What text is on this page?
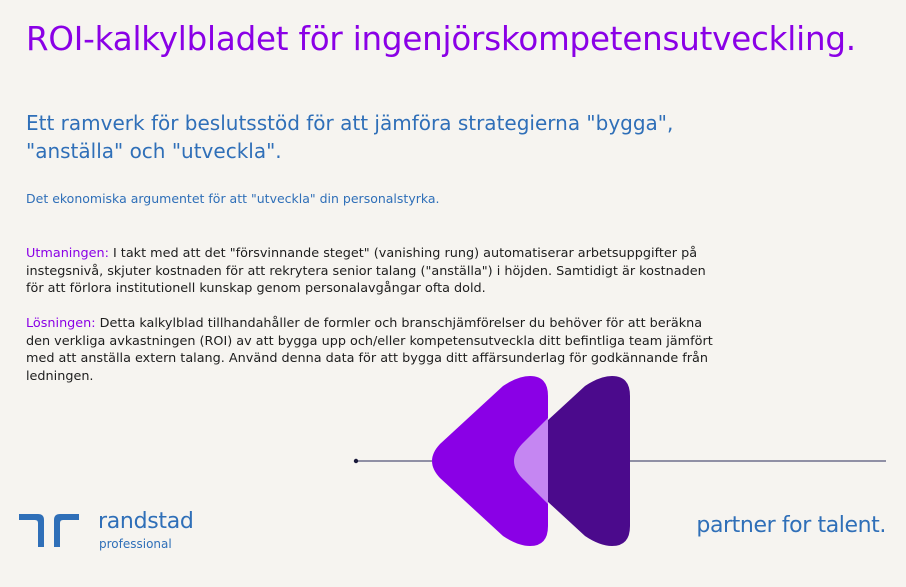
ROI-kalkylbladet för ingenjörskompetensutveckling.
Ett ramverk för beslutsstöd för att jämföra strategierna "bygga", "anställa" och "utveckla".

Det ekonomiska argumentet för att "utveckla" din personalstyrka.

Utmaningen: I takt med att det "försvinnande steget" (vanishing rung) automatiserar arbetsuppgifter på instegsnivå, skjuter kostnaden för att rekrytera senior talang ("anställa") i höjden. Samtidigt är kostnaden för att förlora institutionell kunskap genom personalavgångar ofta dold.

Lösningen: Detta kalkylblad tillhandahåller de formler och branschjämförelser du behöver för att beräkna den verkliga avkastningen (ROI) av att bygga upp och/eller kompetensutveckla ditt befintliga team jämfört med att anställa extern talang. Använd denna data för att bygga ditt affärsunderlag för godkännande från ledningen.

randstad
professional
partner for talent.
